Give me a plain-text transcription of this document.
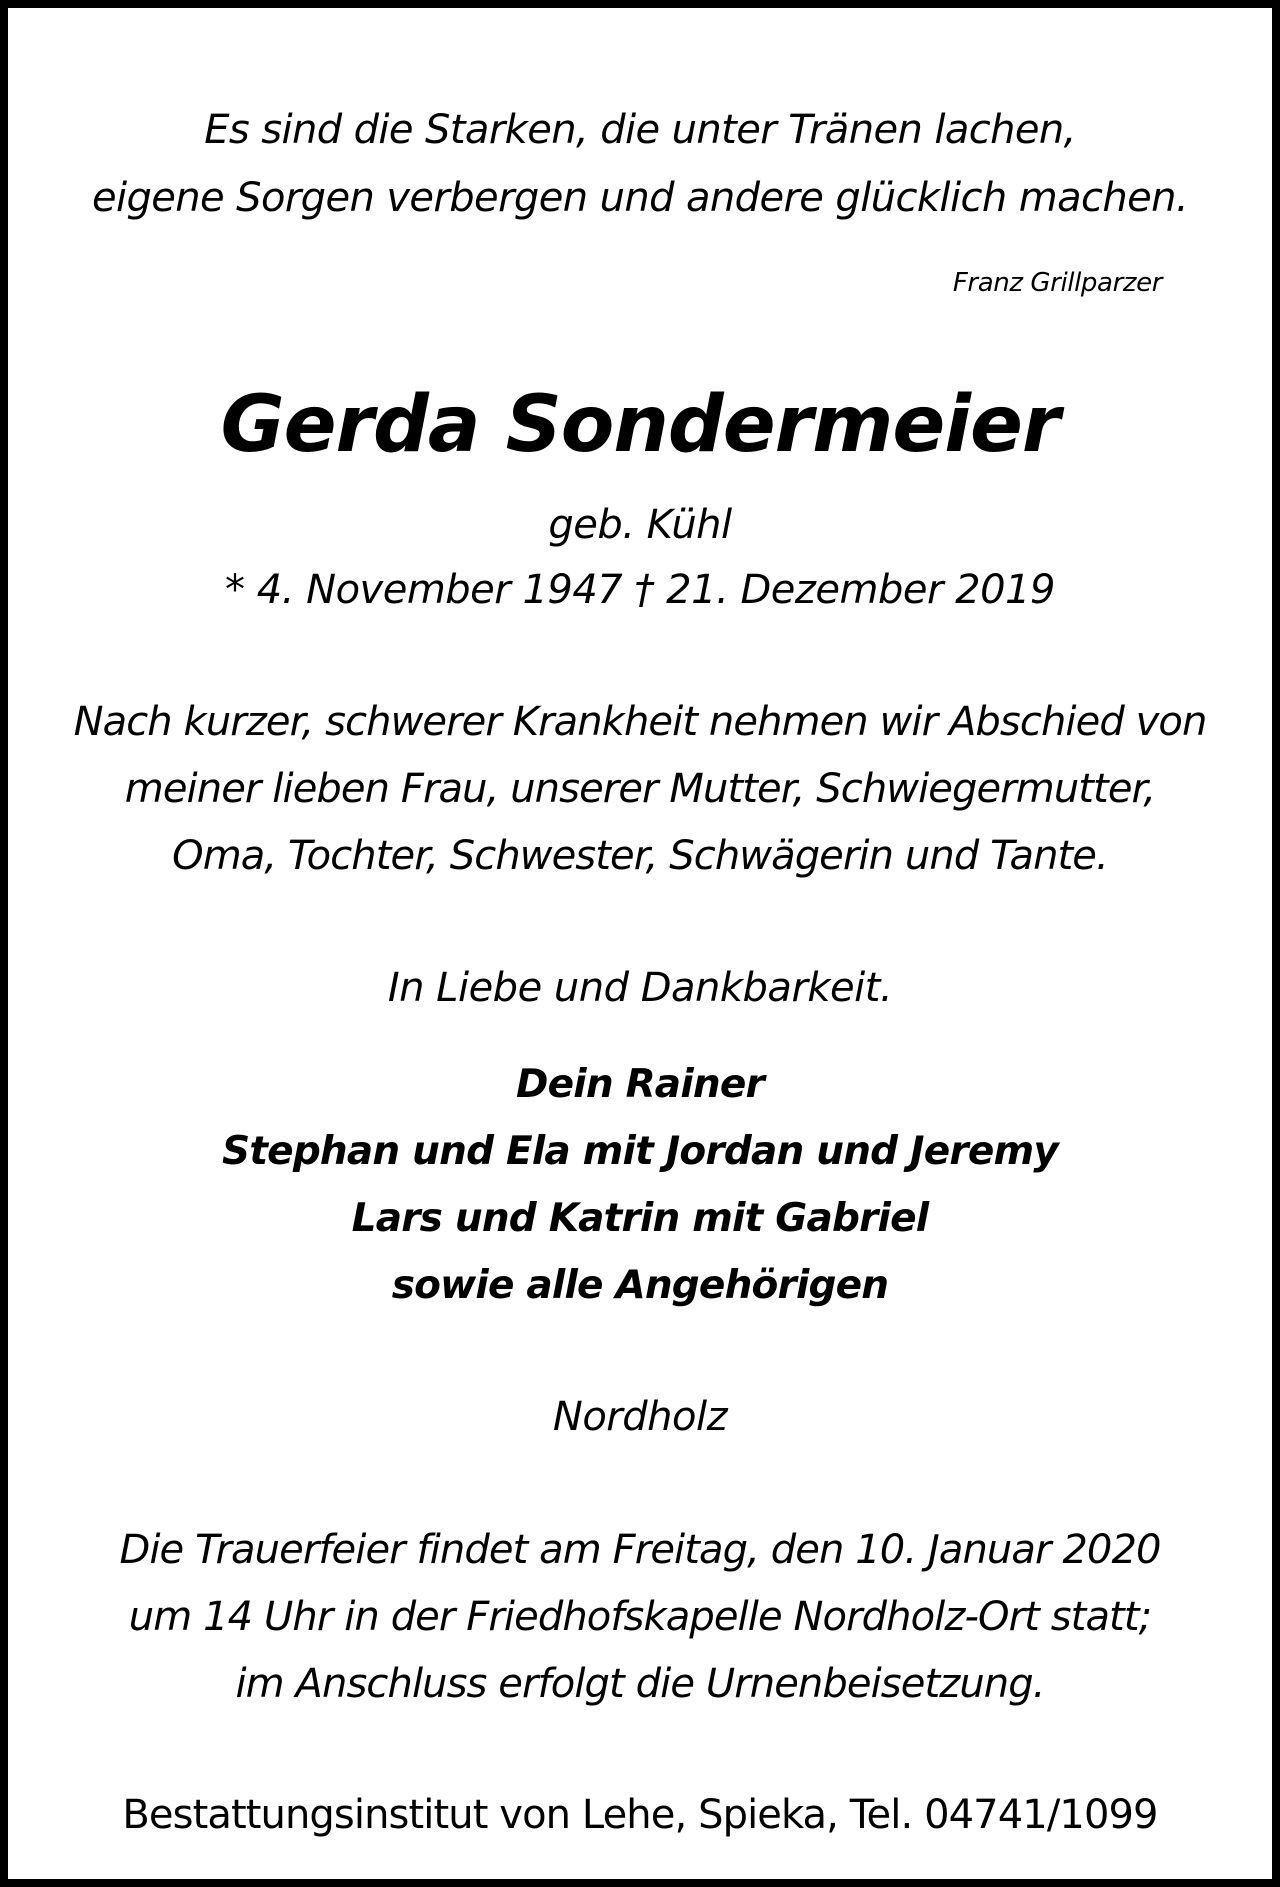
Es sind die Starken, die unter Tränen lachen,
eigene Sorgen verbergen und andere glücklich machen.
Franz Grillparzer
Gerda Sondermeier
geb. Kühl
* 4. November 1947 † 21. Dezember 2019
Nach kurzer, schwerer Krankheit nehmen wir Abschied von
meiner lieben Frau, unserer Mutter, Schwiegermutter,
Oma, Tochter, Schwester, Schwägerin und Tante.
In Liebe und Dankbarkeit.
Dein Rainer
Stephan und Ela mit Jordan und Jeremy
Lars und Katrin mit Gabriel
sowie alle Angehörigen
Nordholz
Die Trauerfeier findet am Freitag, den 10. Januar 2020
um 14 Uhr in der Friedhofskapelle Nordholz-Ort statt;
im Anschluss erfolgt die Urnenbeisetzung.
Bestattungsinstitut von Lehe, Spieka, Tel. 04741/1099
